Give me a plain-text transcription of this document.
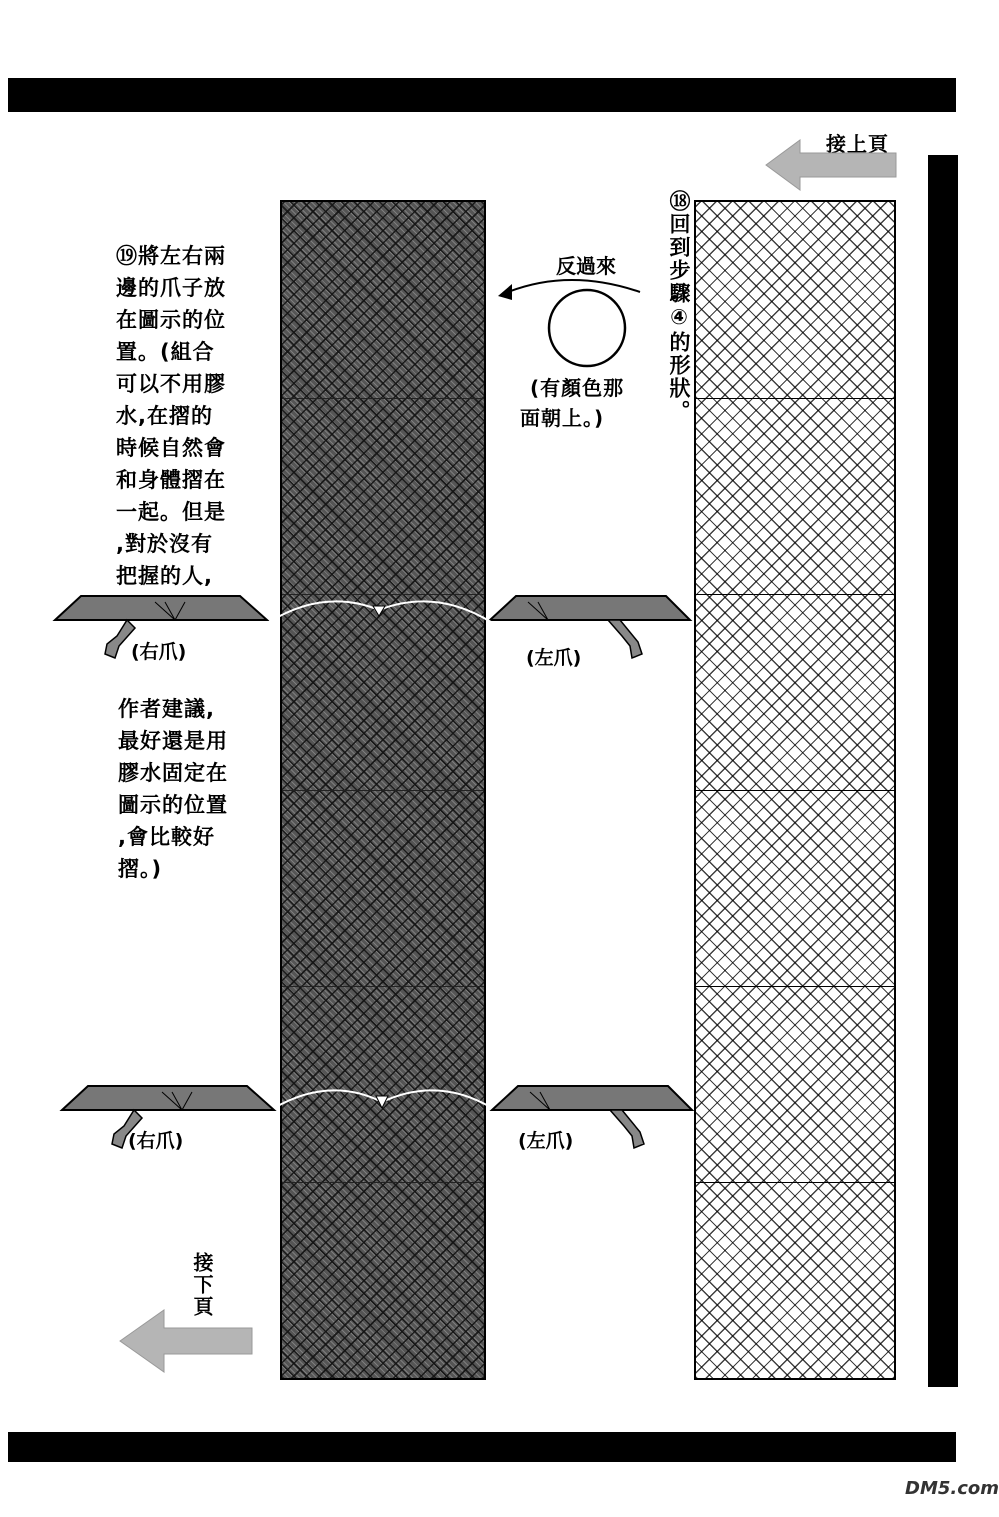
接上頁
⑱回到步驟④的形狀。
反過來
(有顏色那
面朝上。)
⑲將左右兩
邊的爪子放
在圖示的位
置。(組合
可以不用膠
水,在摺的
時候自然會
和身體摺在
一起。但是
,對於沒有
把握的人,
作者建議,
最好還是用
膠水固定在
圖示的位置
,會比較好
摺。)
(右爪)	(左爪)
(右爪)	(左爪)
接下頁
DM5.com
